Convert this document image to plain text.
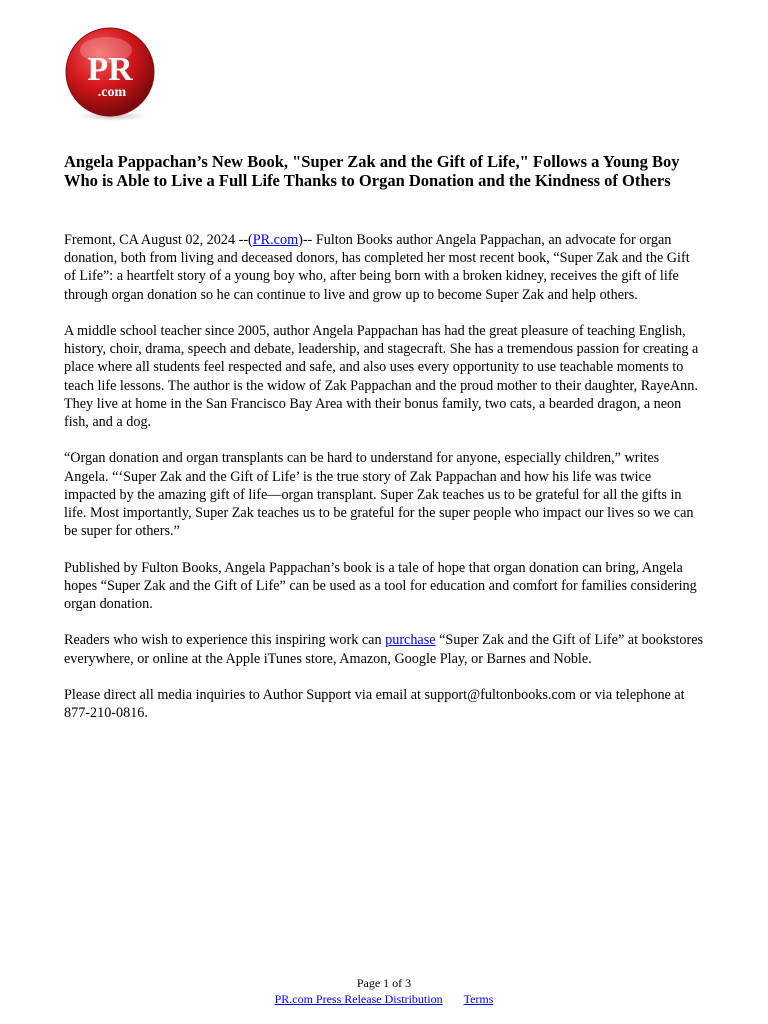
PR
.com
Angela Pappachan’s New Book, "Super Zak and the Gift of Life," Follows a Young Boy Who is Able to Live a Full Life Thanks to Organ Donation and the Kindness of Others

Fremont, CA August 02, 2024 --(PR.com)-- Fulton Books author Angela Pappachan, an advocate for organ donation, both from living and deceased donors, has completed her most recent book, “Super Zak and the Gift of Life”: a heartfelt story of a young boy who, after being born with a broken kidney, receives the gift of life through organ donation so he can continue to live and grow up to become Super Zak and help others.

A middle school teacher since 2005, author Angela Pappachan has had the great pleasure of teaching English, history, choir, drama, speech and debate, leadership, and stagecraft. She has a tremendous passion for creating a place where all students feel respected and safe, and also uses every opportunity to use teachable moments to teach life lessons. The author is the widow of Zak Pappachan and the proud mother to their daughter, RayeAnn. They live at home in the San Francisco Bay Area with their bonus family, two cats, a bearded dragon, a neon fish, and a dog.

“Organ donation and organ transplants can be hard to understand for anyone, especially children,” writes Angela. “‘Super Zak and the Gift of Life’ is the true story of Zak Pappachan and how his life was twice impacted by the amazing gift of life—organ transplant. Super Zak teaches us to be grateful for all the gifts in life. Most importantly, Super Zak teaches us to be grateful for the super people who impact our lives so we can be super for others.”

Published by Fulton Books, Angela Pappachan’s book is a tale of hope that organ donation can bring, Angela hopes “Super Zak and the Gift of Life” can be used as a tool for education and comfort for families considering organ donation.

Readers who wish to experience this inspiring work can purchase “Super Zak and the Gift of Life” at bookstores everywhere, or online at the Apple iTunes store, Amazon, Google Play, or Barnes and Noble.

Please direct all media inquiries to Author Support via email at support@fultonbooks.com or via telephone at 877-210-0816.

Page 1 of 3
PR.com Press Release Distribution Terms
